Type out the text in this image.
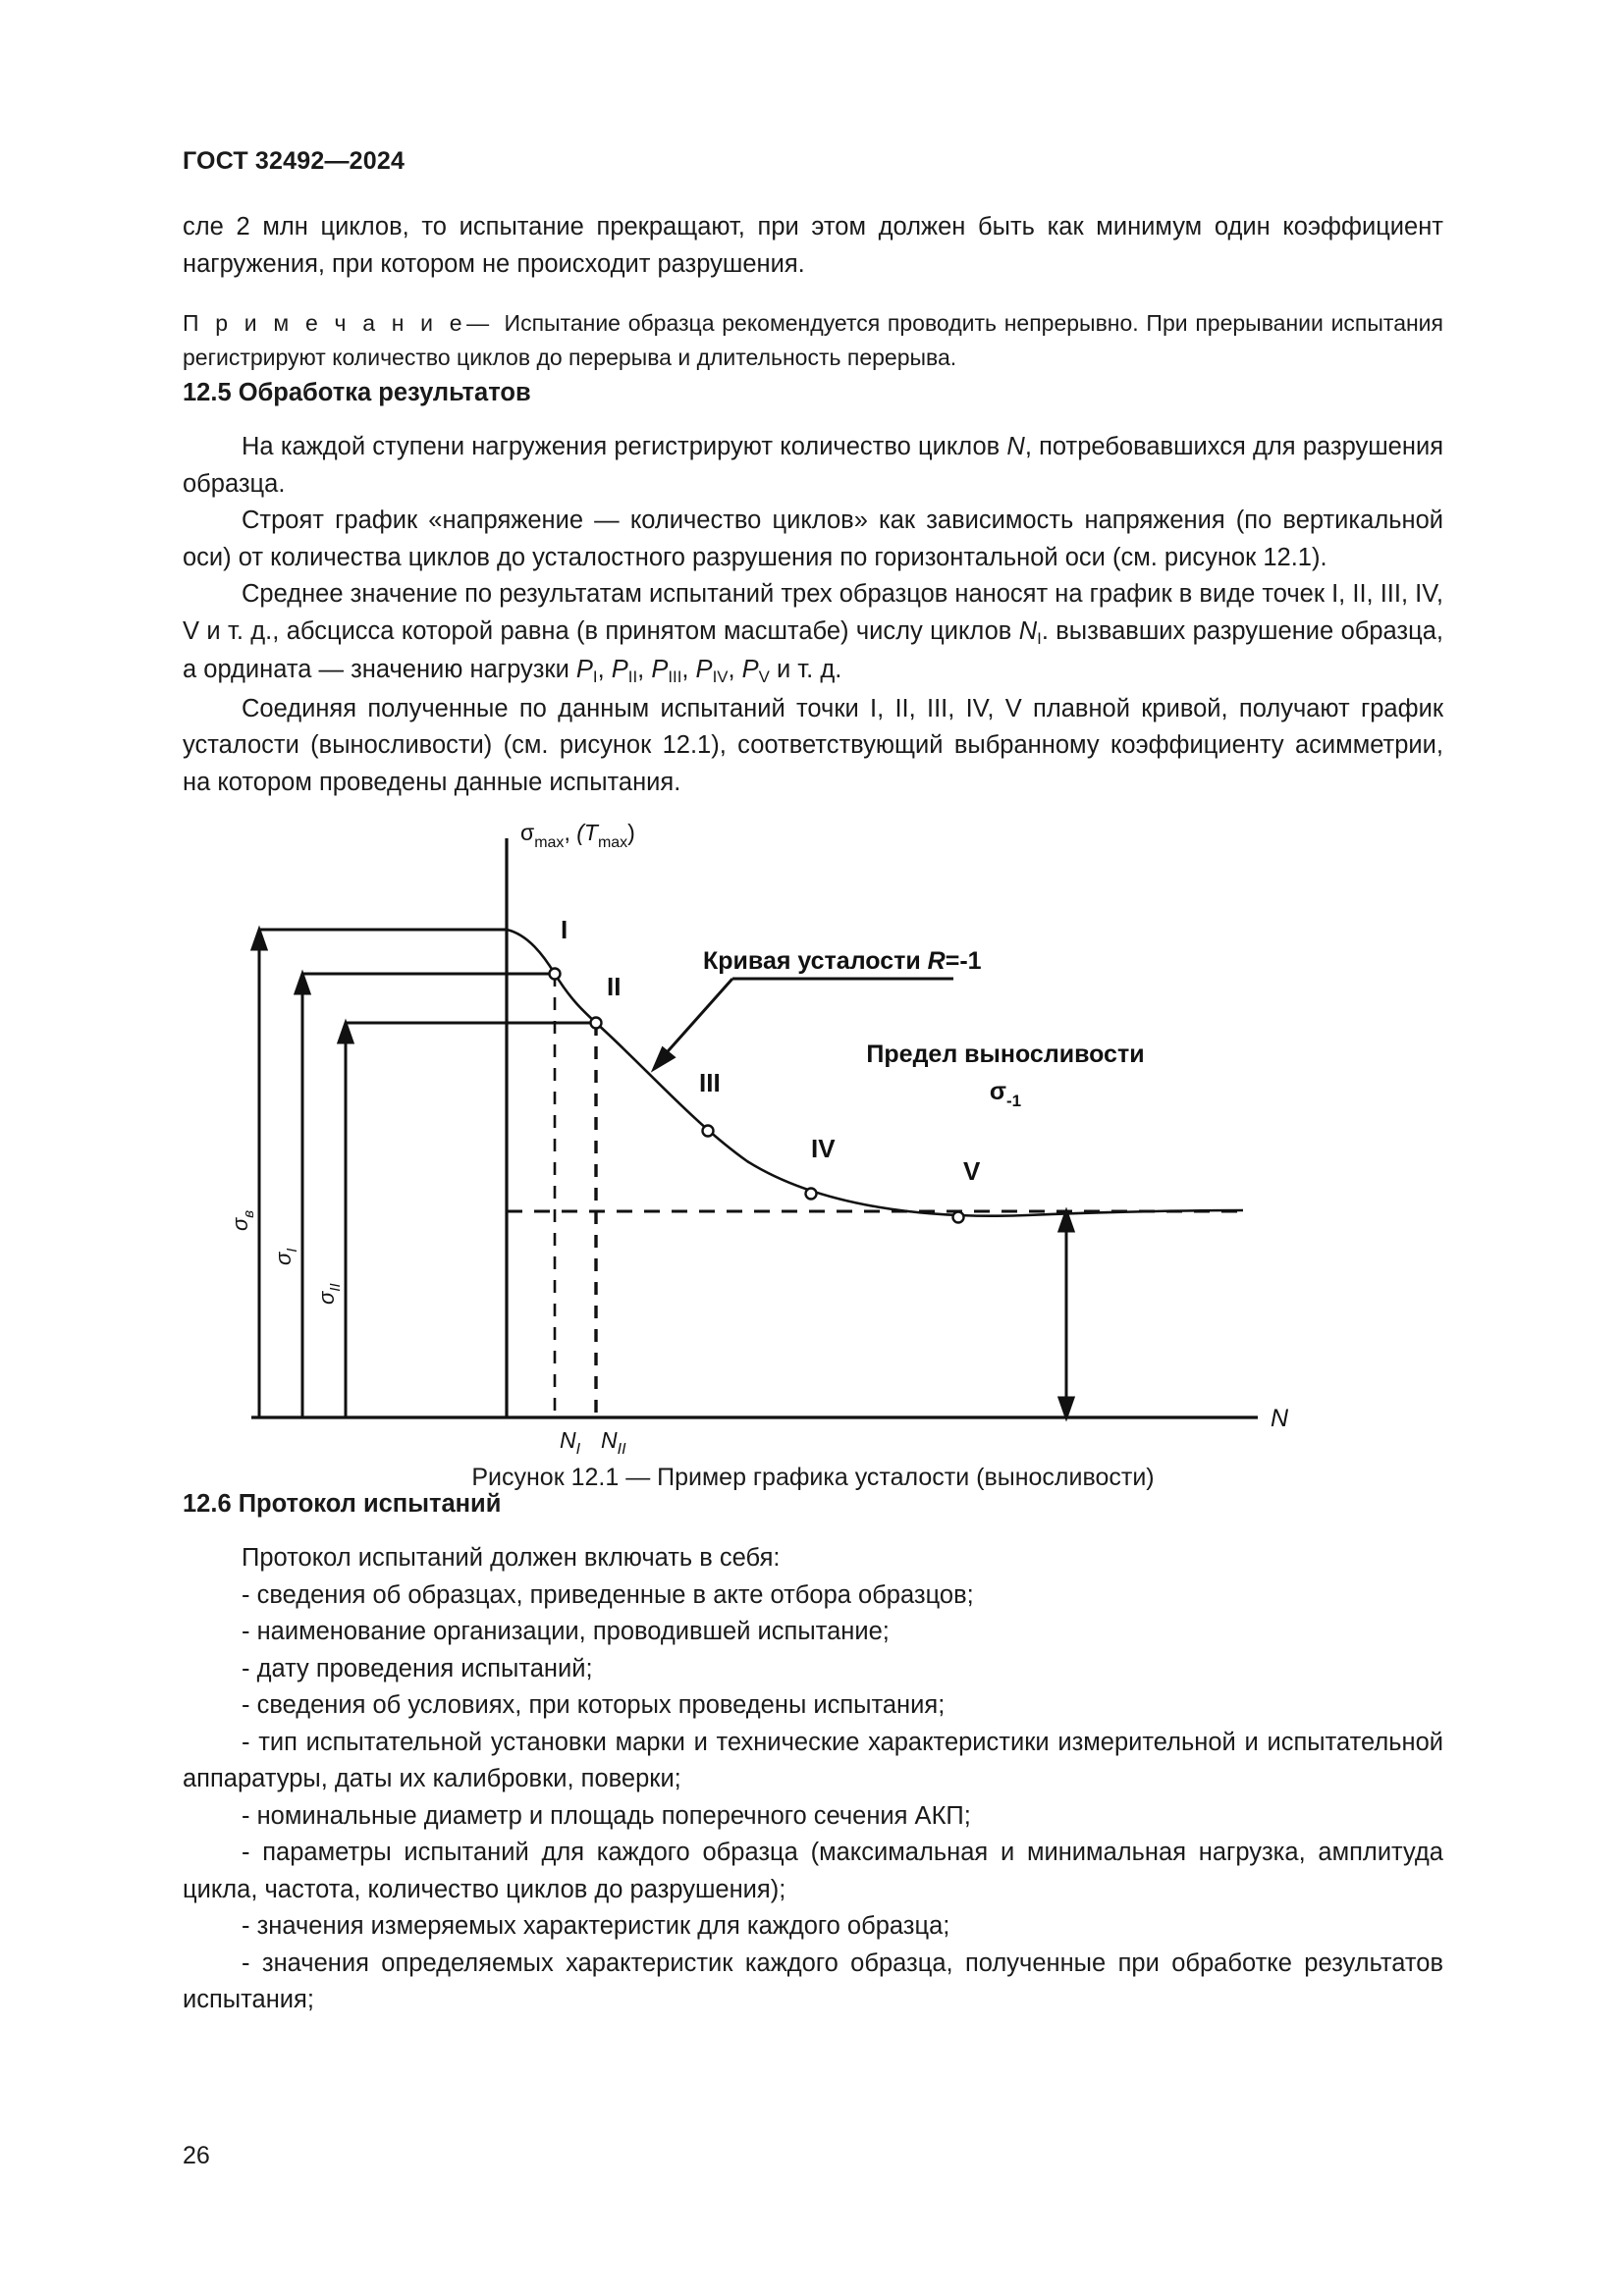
ГОСТ 32492—2024

сле 2 млн циклов, то испытание прекращают, при этом должен быть как минимум один коэффициент нагружения, при котором не происходит разрушения.

П р и м е ч а н и е— Испытание образца рекомендуется проводить непрерывно. При прерывании испытания регистрируют количество циклов до перерыва и длительность перерыва.

12.5 Обработка результатов

На каждой ступени нагружения регистрируют количество циклов N, потребовавшихся для разрушения образца.

Строят график «напряжение — количество циклов» как зависимость напряжения (по вертикальной оси) от количества циклов до усталостного разрушения по горизонтальной оси (см. рисунок 12.1).

Среднее значение по результатам испытаний трех образцов наносят на график в виде точек I, II, III, IV, V и т. д., абсцисса которой равна (в принятом масштабе) числу циклов $N_I$. вызвавших разрушение образца, а ордината — значению нагрузки $P_I$, $P_{II}$, $P_{III}$, $P_{IV}$, $P_V$ и т. д.

Соединяя полученные по данным испытаний точки I, II, III, IV, V плавной кривой, получают график усталости (выносливости) (см. рисунок 12.1), соответствующий выбранному коэффициенту асимметрии, на котором проведены данные испытания.

σmax, (Tmax)
σв
σI
σII
I
II
III
IV
V
Кривая усталости R=-1
Предел выносливости
σ-1
N
NI NII
Рисунок 12.1 — Пример графика усталости (выносливости)
12.6 Протокол испытаний

Протокол испытаний должен включать в себя:

- сведения об образцах, приведенные в акте отбора образцов;

- наименование организации, проводившей испытание;

- дату проведения испытаний;

- сведения об условиях, при которых проведены испытания;

- тип испытательной установки марки и технические характеристики измерительной и испытательной аппаратуры, даты их калибровки, поверки;

- номинальные диаметр и площадь поперечного сечения АКП;

- параметры испытаний для каждого образца (максимальная и минимальная нагрузка, амплитуда цикла, частота, количество циклов до разрушения);

- значения измеряемых характеристик для каждого образца;

- значения определяемых характеристик каждого образца, полученные при обработке результатов испытания;

26
